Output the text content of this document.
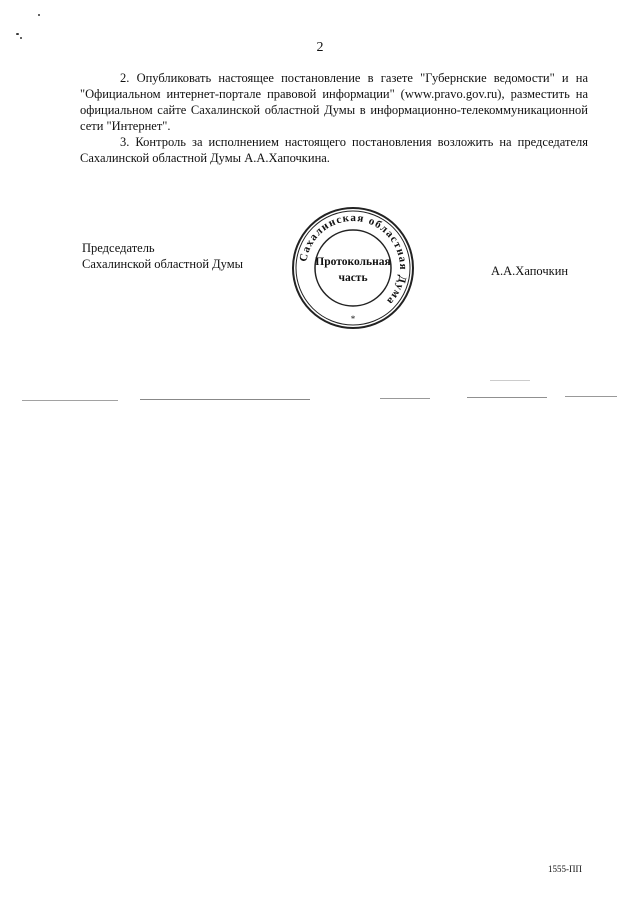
2

2. Опубликовать настоящее постановление в газете "Губернские ведомости" и на "Официальном интернет-портале правовой информации" (www.pravo.gov.ru), разместить на официальном сайте Сахалинской областной Думы в информационно-телекоммуникационной сети "Интернет".

3. Контроль за исполнением настоящего постановления возложить на председателя Сахалинской областной Думы А.А.Хапочкина.

Председатель
Сахалинской областной Думы
Сахалинская областная Дума
*
Протокольная
часть	А.А.Хапочкин
1555-ПП
